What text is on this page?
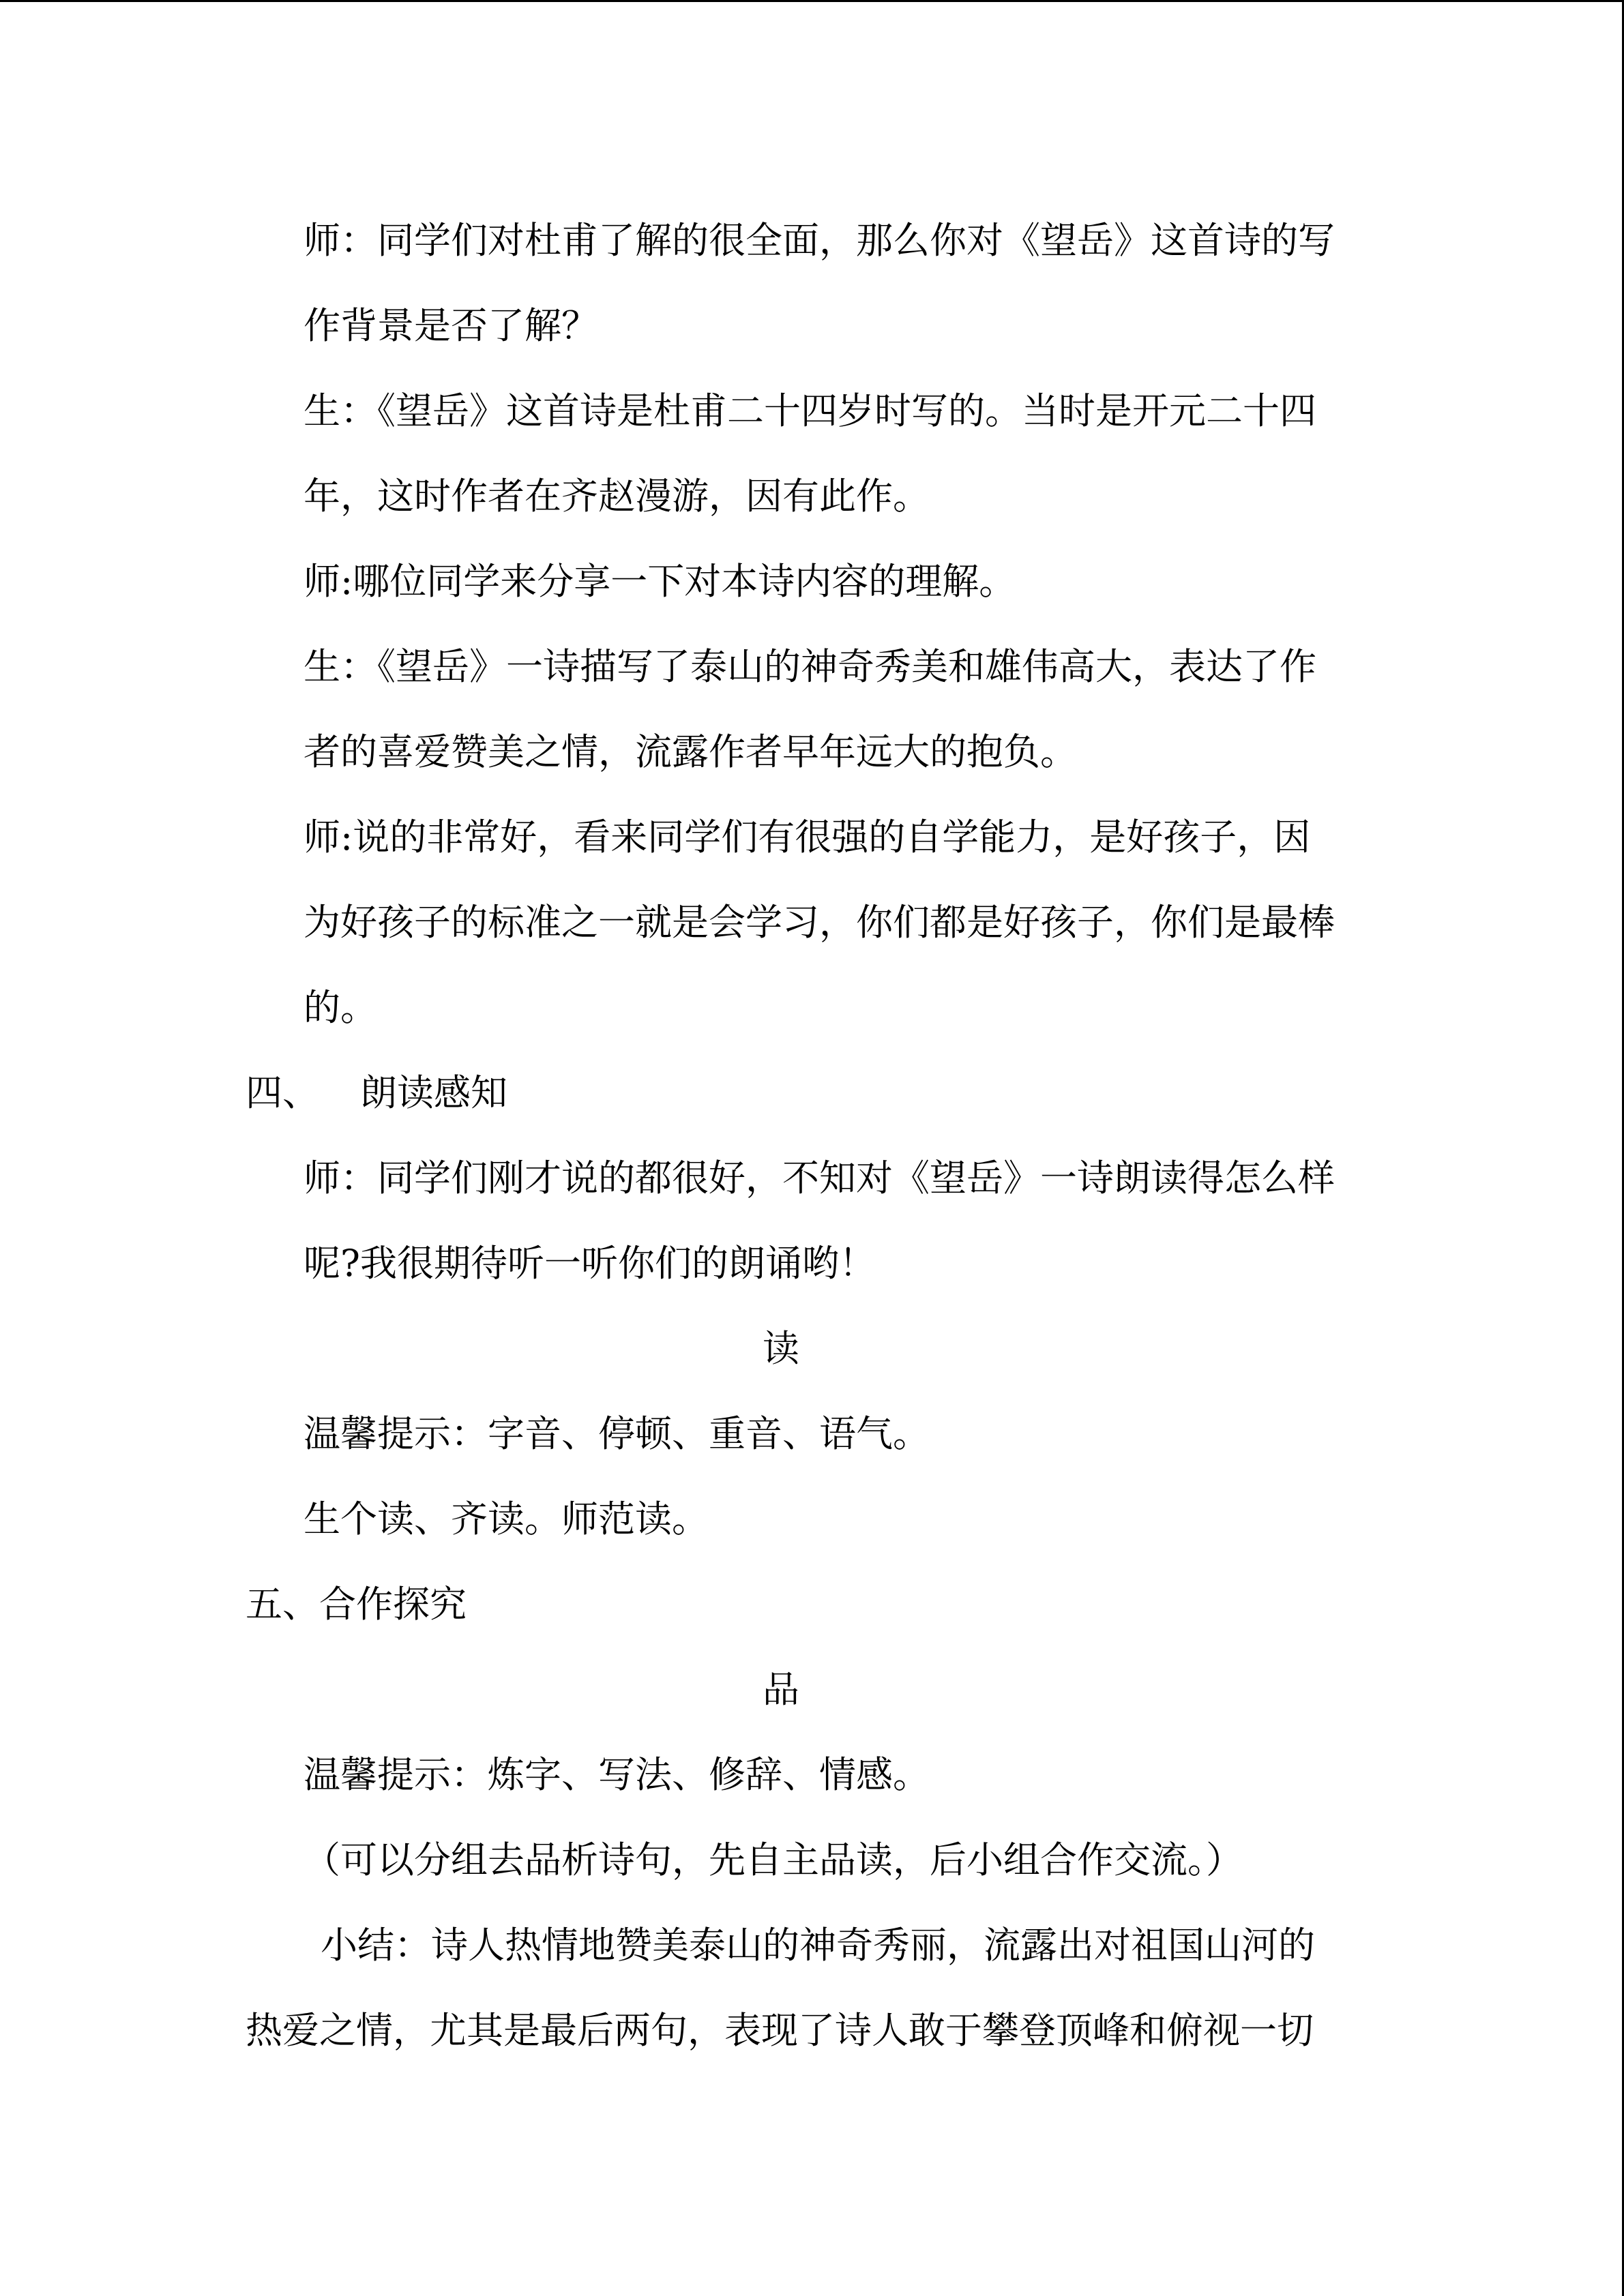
师：同学们对杜甫了解的很全面，那么你对《望岳》这首诗的写

作背景是否了解？

生：《望岳》这首诗是杜甫二十四岁时写的。当时是开元二十四

年，这时作者在齐赵漫游，因有此作。

师:哪位同学来分享一下对本诗内容的理解。

生：《望岳》一诗描写了泰山的神奇秀美和雄伟高大，表达了作

者的喜爱赞美之情，流露作者早年远大的抱负。

师:说的非常好，看来同学们有很强的自学能力，是好孩子，因

为好孩子的标准之一就是会学习，你们都是好孩子，你们是最棒

的。

四、 朗读感知

师：同学们刚才说的都很好，不知对《望岳》一诗朗读得怎么样

呢?我很期待听一听你们的朗诵哟！

读

温馨提示：字音、停顿、重音、语气。

生个读、齐读。师范读。

五、合作探究

品

温馨提示：炼字、写法、修辞、情感。

（可以分组去品析诗句，先自主品读，后小组合作交流。）

小结：诗人热情地赞美泰山的神奇秀丽，流露出对祖国山河的

热爱之情，尤其是最后两句，表现了诗人敢于攀登顶峰和俯视一切
